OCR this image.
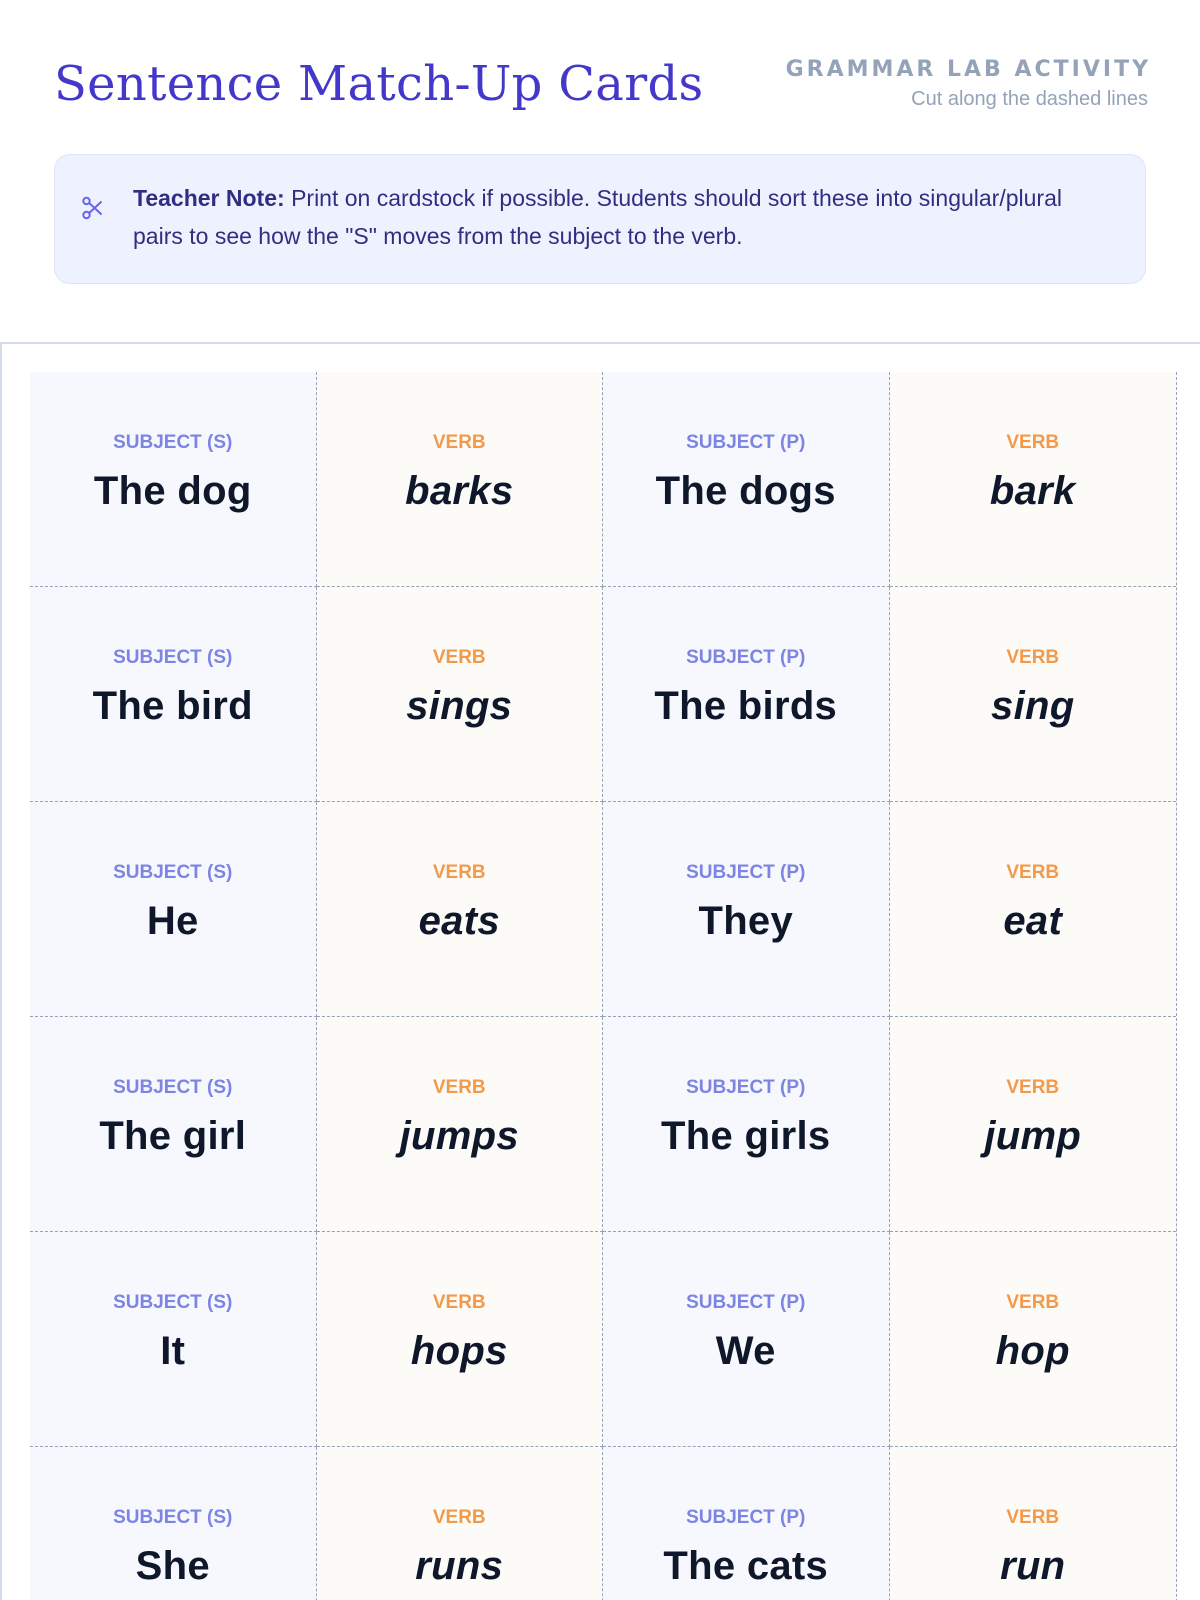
Sentence Match-Up Cards	GRAMMAR LAB ACTIVITY
Cut along the dashed lines
Teacher Note: Print on cardstock if possible. Students should sort these into singular/plural pairs to see how the "S" moves from the subject to the verb.
SUBJECT (S)
The dog
VERB
barks
SUBJECT (P)
The dogs
VERB
bark
SUBJECT (S)
The bird
VERB
sings
SUBJECT (P)
The birds
VERB
sing
SUBJECT (S)
He
VERB
eats
SUBJECT (P)
They
VERB
eat
SUBJECT (S)
The girl
VERB
jumps
SUBJECT (P)
The girls
VERB
jump
SUBJECT (S)
It
VERB
hops
SUBJECT (P)
We
VERB
hop
SUBJECT (S)
She
VERB
runs
SUBJECT (P)
The cats
VERB
run
